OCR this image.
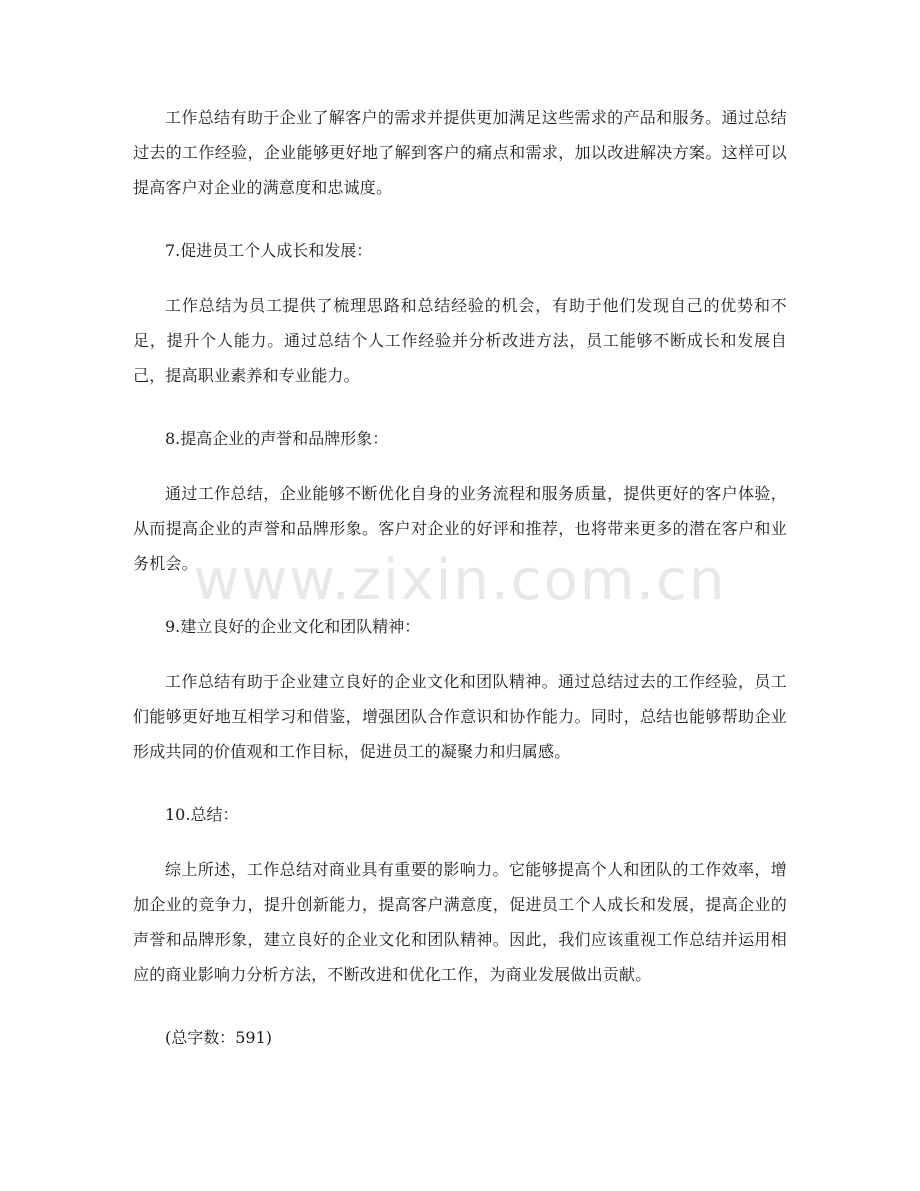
www.zixin.com.cn

工作总结有助于企业了解客户的需求并提供更加满足这些需求的产品和服务。通过总结过去的工作经验，企业能够更好地了解到客户的痛点和需求，加以改进解决方案。这样可以提高客户对企业的满意度和忠诚度。

7.促进员工个人成长和发展：

工作总结为员工提供了梳理思路和总结经验的机会，有助于他们发现自己的优势和不足，提升个人能力。通过总结个人工作经验并分析改进方法，员工能够不断成长和发展自己，提高职业素养和专业能力。

8.提高企业的声誉和品牌形象：

通过工作总结，企业能够不断优化自身的业务流程和服务质量，提供更好的客户体验，从而提高企业的声誉和品牌形象。客户对企业的好评和推荐，也将带来更多的潜在客户和业务机会。

9.建立良好的企业文化和团队精神：

工作总结有助于企业建立良好的企业文化和团队精神。通过总结过去的工作经验，员工们能够更好地互相学习和借鉴，增强团队合作意识和协作能力。同时，总结也能够帮助企业形成共同的价值观和工作目标，促进员工的凝聚力和归属感。

10.总结：

综上所述，工作总结对商业具有重要的影响力。它能够提高个人和团队的工作效率，增加企业的竞争力，提升创新能力，提高客户满意度，促进员工个人成长和发展，提高企业的声誉和品牌形象，建立良好的企业文化和团队精神。因此，我们应该重视工作总结并运用相应的商业影响力分析方法，不断改进和优化工作，为商业发展做出贡献。

(总字数：591)
